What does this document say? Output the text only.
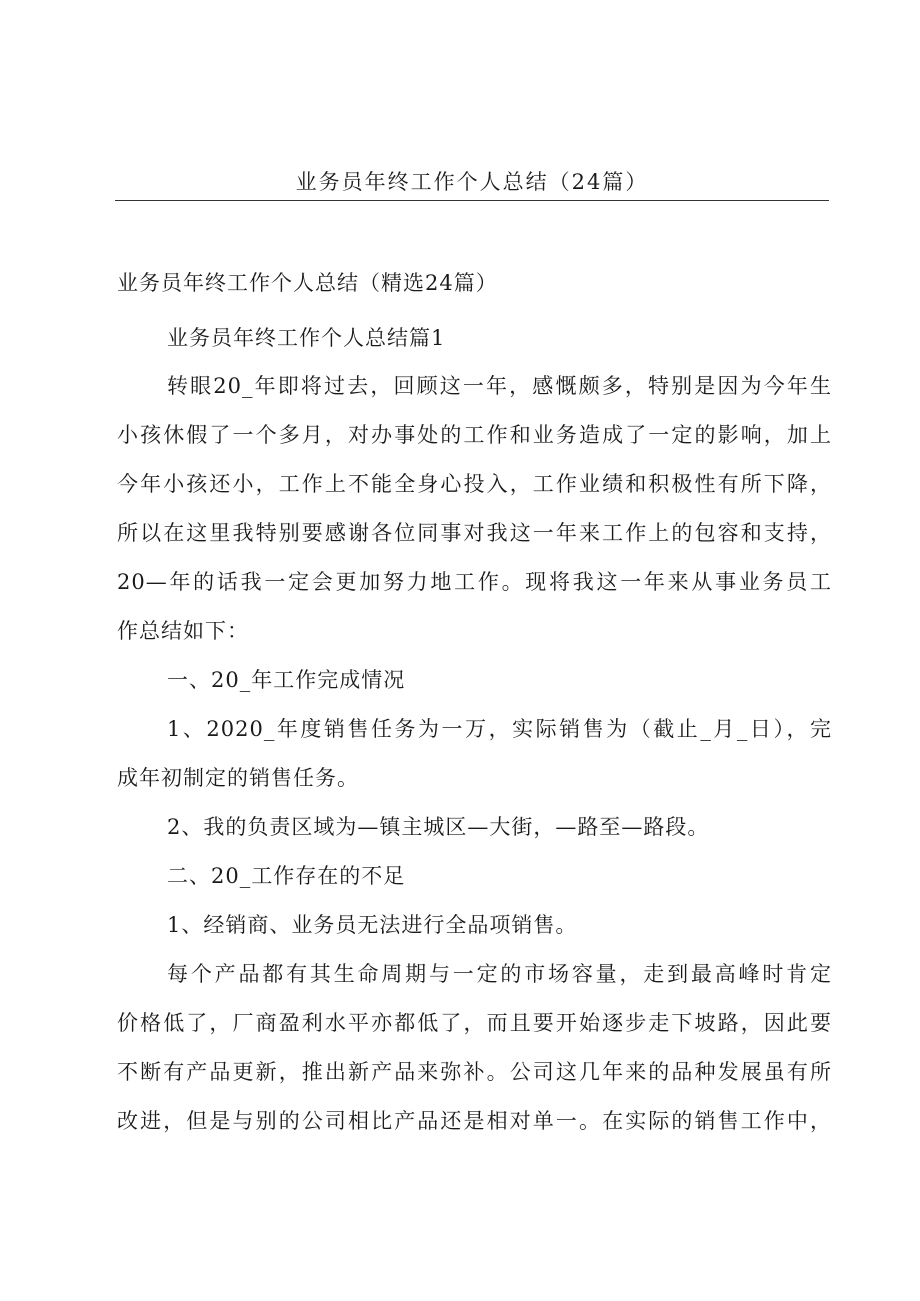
业务员年终工作个人总结（24篇）
业务员年终工作个人总结（精选24篇）
业务员年终工作个人总结篇1
转眼20_年即将过去，回顾这一年，感慨颇多，特别是因为今年生
小孩休假了一个多月，对办事处的工作和业务造成了一定的影响，加上
今年小孩还小，工作上不能全身心投入，工作业绩和积极性有所下降，
所以在这里我特别要感谢各位同事对我这一年来工作上的包容和支持，
20—年的话我一定会更加努力地工作。现将我这一年来从事业务员工
作总结如下：
一、20_年工作完成情况
1、2020_年度销售任务为一万，实际销售为（截止_月_日），完
成年初制定的销售任务。
2、我的负责区域为—镇主城区—大街，—路至—路段。
二、20_工作存在的不足
1、经销商、业务员无法进行全品项销售。
每个产品都有其生命周期与一定的市场容量，走到最高峰时肯定
价格低了，厂商盈利水平亦都低了，而且要开始逐步走下坡路，因此要
不断有产品更新，推出新产品来弥补。公司这几年来的品种发展虽有所
改进，但是与别的公司相比产品还是相对单一。在实际的销售工作中，
